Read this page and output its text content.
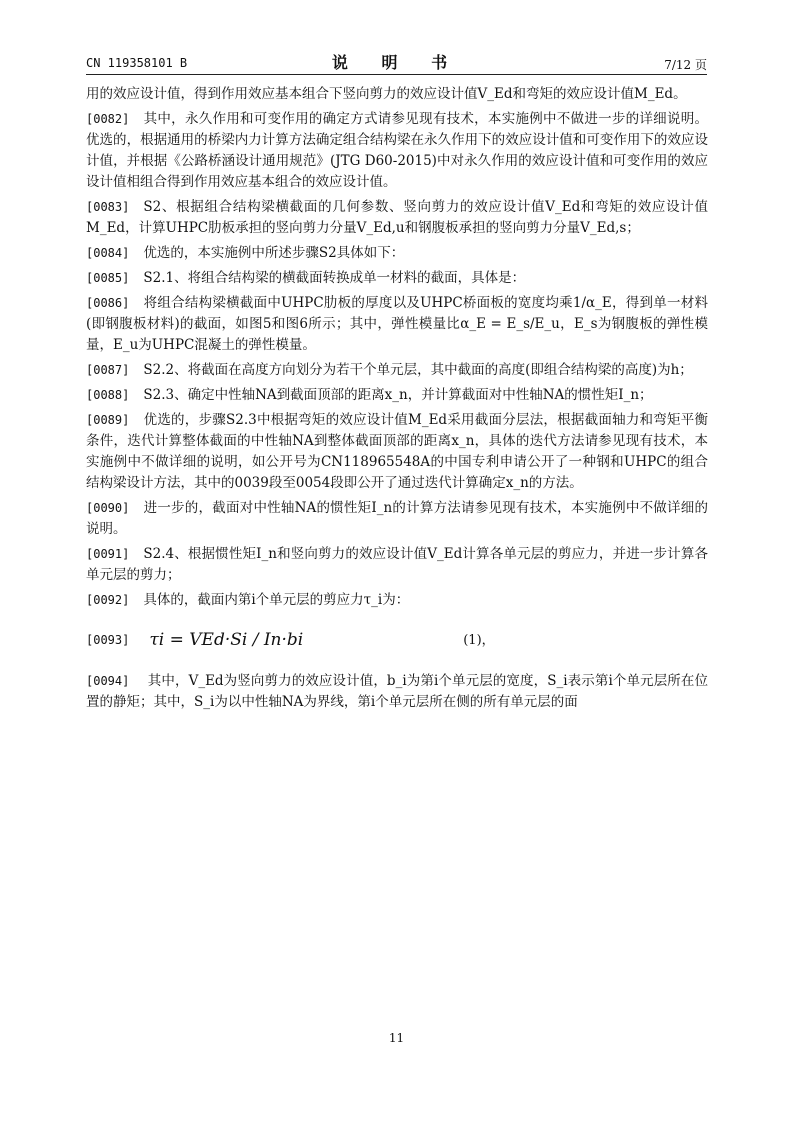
CN 119358101 B	说 明 书	7/12 页
用的效应设计值，得到作用效应基本组合下竖向剪力的效应设计值V_Ed和弯矩的效应设计值M_Ed。
[0082] 其中，永久作用和可变作用的确定方式请参见现有技术，本实施例中不做进一步的详细说明。优选的，根据通用的桥梁内力计算方法确定组合结构梁在永久作用下的效应设计值和可变作用下的效应设计值，并根据《公路桥涵设计通用规范》(JTG D60-2015)中对永久作用的效应设计值和可变作用的效应设计值相组合得到作用效应基本组合的效应设计值。
[0083] S2、根据组合结构梁横截面的几何参数、竖向剪力的效应设计值V_Ed和弯矩的效应设计值M_Ed，计算UHPC肋板承担的竖向剪力分量V_Ed,u和钢腹板承担的竖向剪力分量V_Ed,s；
[0084] 优选的，本实施例中所述步骤S2具体如下：
[0085] S2.1、将组合结构梁的横截面转换成单一材料的截面，具体是：
[0086] 将组合结构梁横截面中UHPC肋板的厚度以及UHPC桥面板的宽度均乘1/α_E，得到单一材料(即钢腹板材料)的截面，如图5和图6所示；其中，弹性模量比α_E = E_s/E_u，E_s为钢腹板的弹性模量，E_u为UHPC混凝土的弹性模量。
[0087] S2.2、将截面在高度方向划分为若干个单元层，其中截面的高度(即组合结构梁的高度)为h；
[0088] S2.3、确定中性轴NA到截面顶部的距离x_n，并计算截面对中性轴NA的惯性矩I_n；
[0089] 优选的，步骤S2.3中根据弯矩的效应设计值M_Ed采用截面分层法，根据截面轴力和弯矩平衡条件，迭代计算整体截面的中性轴NA到整体截面顶部的距离x_n，具体的迭代方法请参见现有技术，本实施例中不做详细的说明，如公开号为CN118965548A的中国专利申请公开了一种钢和UHPC的组合结构梁设计方法，其中的0039段至0054段即公开了通过迭代计算确定x_n的方法。
[0090] 进一步的，截面对中性轴NA的惯性矩I_n的计算方法请参见现有技术，本实施例中不做详细的说明。
[0091] S2.4、根据惯性矩I_n和竖向剪力的效应设计值V_Ed计算各单元层的剪应力，并进一步计算各单元层的剪力；
[0092] 具体的，截面内第i个单元层的剪应力τ_i为：
[0093] τi = VEd·Si / In·bi	(1)，
[0094] 其中，V_Ed为竖向剪力的效应设计值，b_i为第i个单元层的宽度，S_i表示第i个单元层所在位置的静矩；其中，S_i为以中性轴NA为界线，第i个单元层所在侧的所有单元层的面
11
